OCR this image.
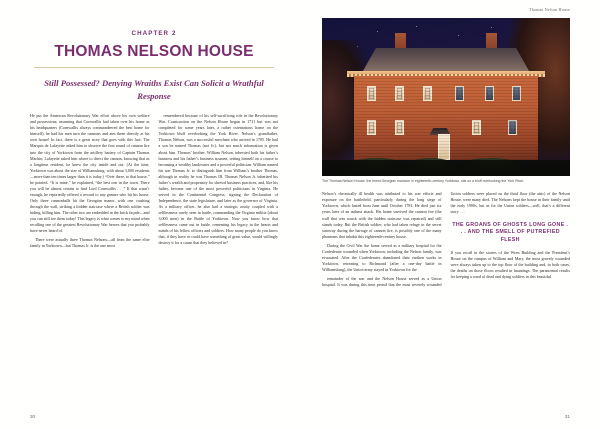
CHAPTER 2
THOMAS NELSON HOUSE
Still Possessed? Denying Wraiths Exist Can Solicit a Wrathful Response

He put the American Revolutionary War effort above his own welfare and possessions; assuming that Cornwallis had taken over his home as his headquarters (Cornwallis always commandeered the best home for himself), he had his men turn the cannons and aim them directly at his own house! In fact, there is a great story that goes with this fact: The Marquis de Lafayette asked him to observe the first round of cannon fire into the city of Yorktown from the artillery battery of Captain Thomas Machin. Lafayette asked him where to direct the cannon, knowing that as a longtime resident, he knew the city inside and out. (At the time, Yorktown was about the size of Williamsburg, with about 3,000 residents—more than ten times larger than it is today.) “Over there, to that house,” he pointed. “It is mine,” he explained, “the best one in the town. There you will be almost certain to find Lord Cornwallis . . .” If that wasn’t enough, he reportedly offered a reward to any gunner who hit his house. Only three cannonballs hit the Georgian manor, with one crashing through the wall, striking a hidden staircase where a British soldier was hiding, killing him. The other two are embedded in the brick façade—and you can still see them today! This legacy is what comes to my mind when recalling one of the greatest Revolutionary War heroes that you probably have never heard of.

There were actually three Thomas Nelsons—all from the same elite family in Yorktown—but Thomas Jr. is the one most

remembered because of his self-sacrificing role in the Revolutionary War. Construction on the Nelson House began in 1711 but was not completed for some years later, a rather ostentatious home on the Yorktown bluff overlooking the York River. Nelson’s grandfather, Thomas Nelson, was a successful merchant who arrived in 1705. He had a son he named Thomas (not Jr.), but not much information is given about him. Thomas’ brother, William Nelson, inherited both his father’s business and his father’s business acumen, setting himself on a course to becoming a wealthy landowner and a powerful politician. William named his son Thomas Jr. to distinguish him from William’s brother Thomas, although in reality he was Thomas III. Thomas Nelson Jr. inherited his father’s wealth and propensity for shrewd business practices, and, like his father, become one of the most powerful politicians in Virginia. He served in the Continental Congress, signing the Declaration of Independence, the state legislature, and later as the governor of Virginia. As a military officer, he also had a strategic acuity coupled with a selflessness rarely seen in battle, commanding the Virginia militia (about 3,000 men) in the Battle of Yorktown. Now you know how that selflessness came out in battle, cementing his legacy in the hearts and minds of his fellow officers and soldiers. How many people do you know that, if they have or could have something of great value, would willingly destroy it for a cause that they believed in?

30
Thomas Nelson House
The Thomas Nelson House, the finest Georgian mansion in eighteenth-century Yorktown, sits on a bluff overlooking the York River.

Nelson’s chronically ill health was attributed to his war efforts and exposure on the battlefield, particularly during the long siege of Yorktown, which lasted from June until October 1781. He died just six years later of an asthma attack. His home survived the cannon fire (the wall that was struck with the hidden staircase was repaired) and still stands today. But the British soldier, who had taken refuge in the secret stairway during the barrage of cannon fire, is possibly one of the many phantoms that inhabit this eighteenth-century house.

During the Civil War the home served as a military hospital for the Confederate wounded when Yorktown, including the Nelson family, was evacuated. After the Confederates abandoned their earthen works in Yorktown, retreating to Richmond (after a one-day battle in Williamsburg), the Union army stayed in Yorktown for the

remainder of the war and the Nelson House served as a Union hospital. It was during this time period that the most severely wounded Union soldiers were placed on the third floor (the attic) of the Nelson House, were many died. The Nelsons kept the house in their family until the early 1900s, but as for the Union soldiers—well, that’s a different story . . .

THE GROANS OF GHOSTS LONG GONE . . . AND THE SMELL OF PUTREFIED FLESH

If you recall in the stories of the Wren Building and the President’s House on the campus of William and Mary, the most gravely wounded were always taken up to the top floor of the building and, in both cases, the deaths on those floors resulted in hauntings. The paranormal results for keeping a ward of dead and dying soldiers in this beautiful

31
